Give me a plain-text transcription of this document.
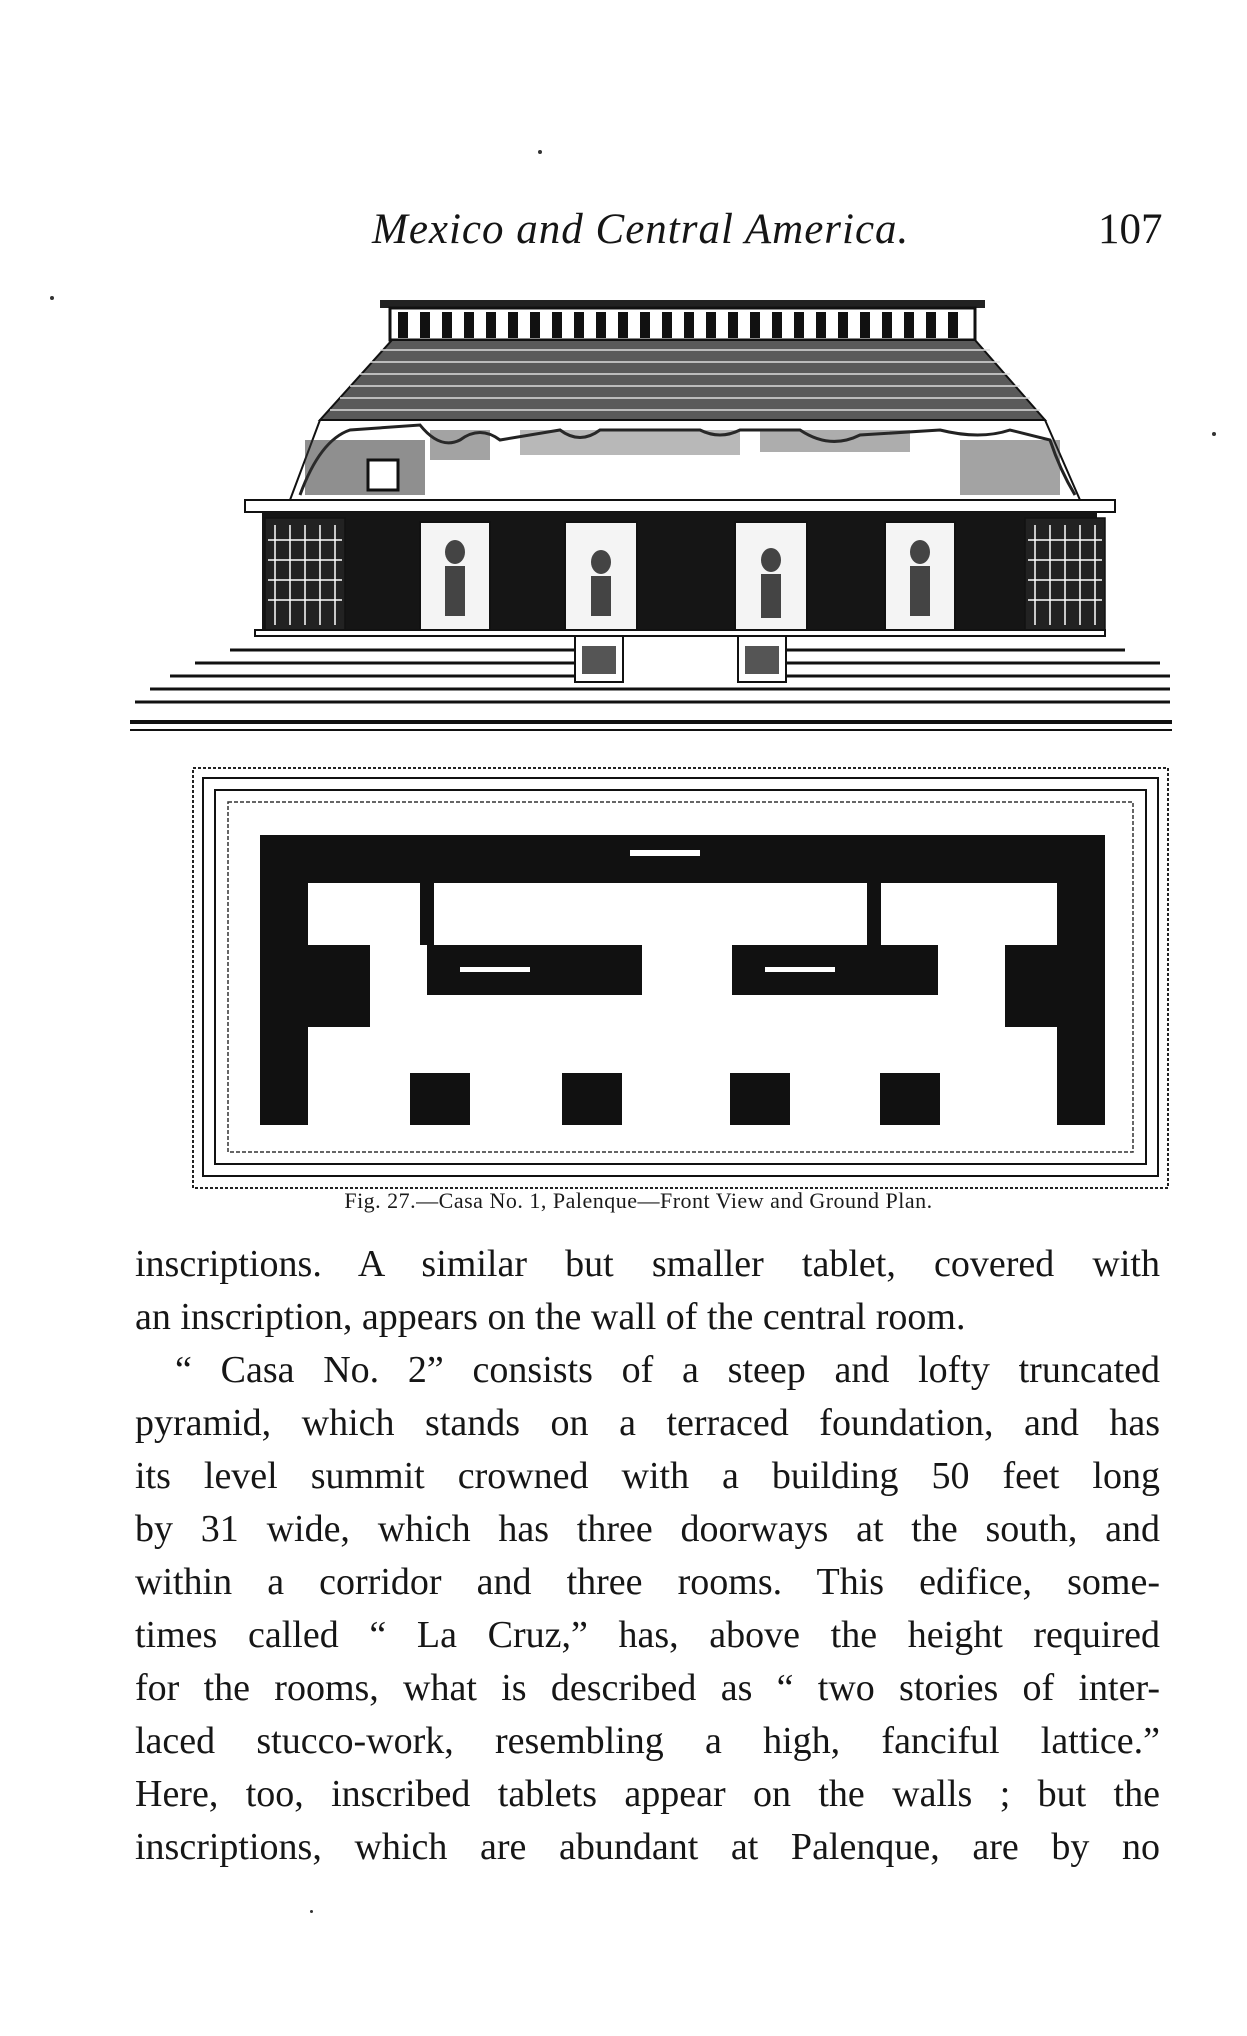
Mexico and Central America.	107
Fig. 27.—Casa No. 1, Palenque—Front View and Ground Plan.
inscriptions. A similar but smaller tablet, covered with
an inscription, appears on the wall of the central room.
“ Casa No. 2” consists of a steep and lofty truncated
pyramid, which stands on a terraced foundation, and has
its level summit crowned with a building 50 feet long
by 31 wide, which has three doorways at the south, and
within a corridor and three rooms. This edifice, some-
times called “ La Cruz,” has, above the height required
for the rooms, what is described as “ two stories of inter-
laced stucco-work, resembling a high, fanciful lattice.”
Here, too, inscribed tablets appear on the walls ; but the
inscriptions, which are abundant at Palenque, are by no
